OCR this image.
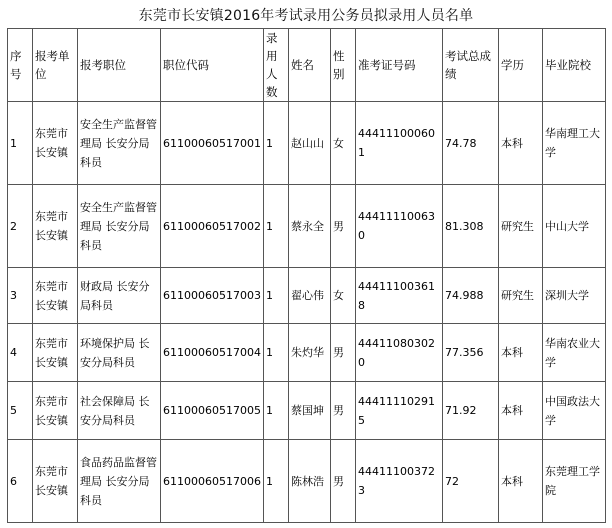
东莞市长安镇2016年考试录用公务员拟录用人员名单
序号	报考单位	报考职位	职位代码	录用人数	姓名	性别	准考证号码	考试总成绩	学历	毕业院校
1	东莞市长安镇	安全生产监督管理局 长安分局科员	61100060517001	1	赵山山	女	444111000601	74.78	本科	华南理工大学
2	东莞市长安镇	安全生产监督管理局 长安分局科员	61100060517002	1	蔡永全	男	444111100630	81.308	研究生	中山大学
3	东莞市长安镇	财政局 长安分局科员	61100060517003	1	翟心伟	女	444111003618	74.988	研究生	深圳大学
4	东莞市长安镇	环境保护局 长安分局科员	61100060517004	1	朱灼华	男	444110803020	77.356	本科	华南农业大学
5	东莞市长安镇	社会保障局 长安分局科员	61100060517005	1	蔡国坤	男	444111102915	71.92	本科	中国政法大学
6	东莞市长安镇	食品药品监督管理局 长安分局科员	61100060517006	1	陈林浩	男	444111003723	72	本科	东莞理工学院
